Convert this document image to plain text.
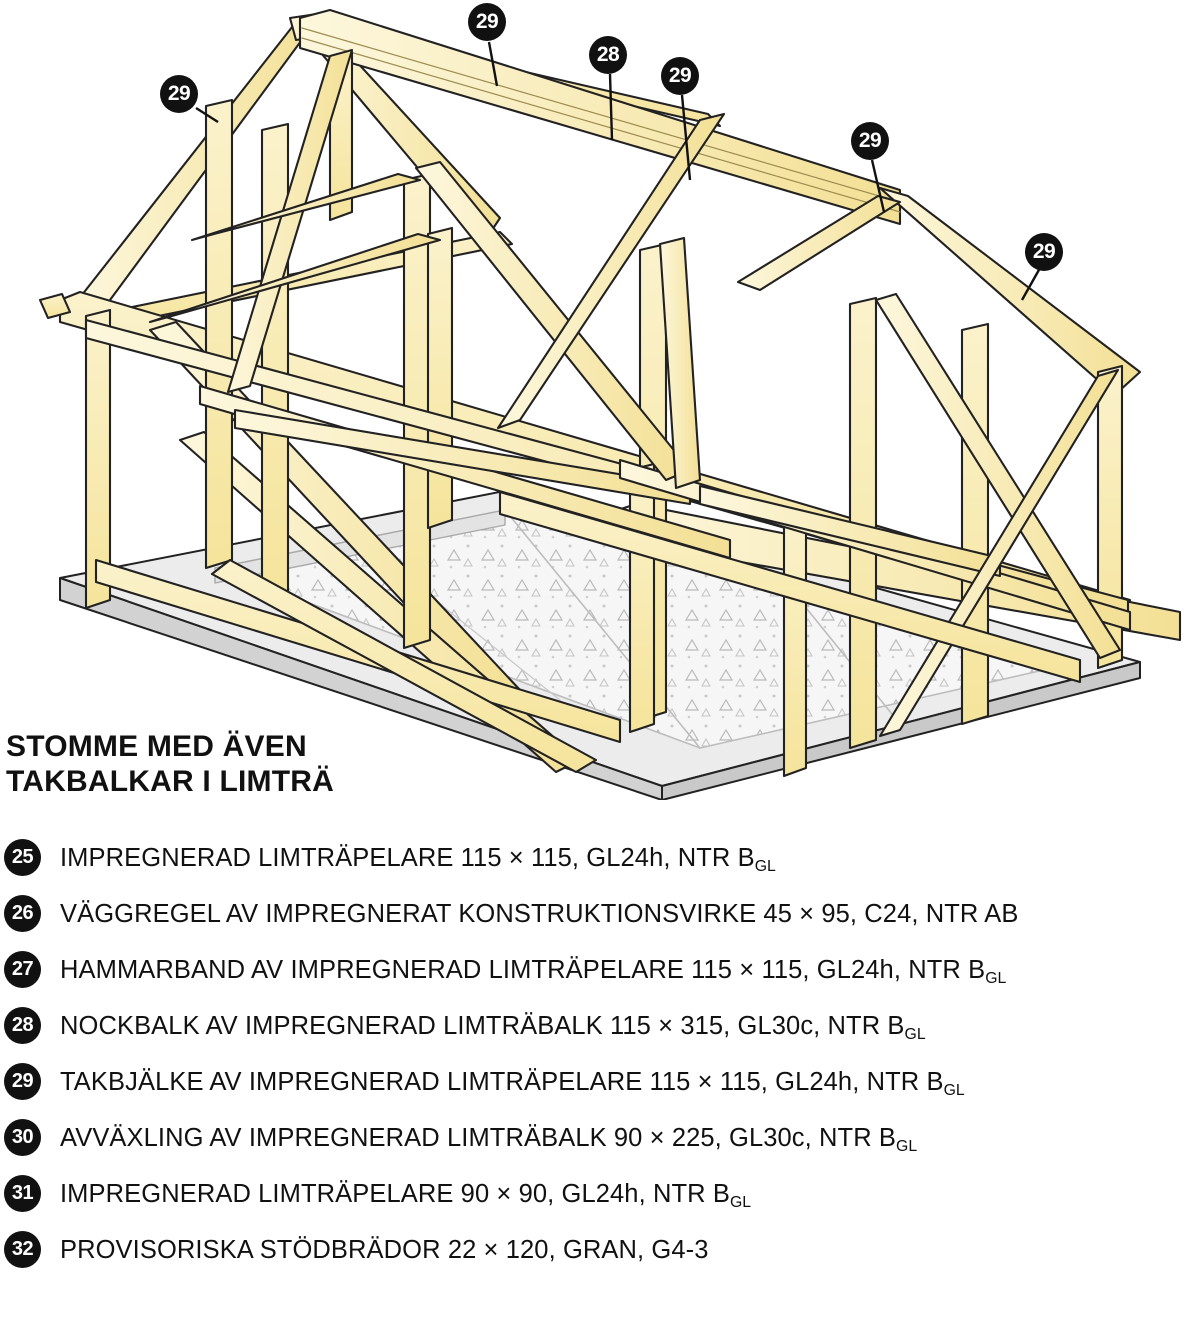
29
28
29
29
29
29
STOMME MED ÄVEN
TAKBALKAR I LIMTRÄ
25	IMPREGNERAD LIMTRÄPELARE 115 × 115, GL24h, NTR $B_{GL}$
26	VÄGGREGEL AV IMPREGNERAT KONSTRUKTIONSVIRKE 45 × 95, C24, NTR AB
27	HAMMARBAND AV IMPREGNERAD LIMTRÄPELARE 115 × 115, GL24h, NTR $B_{GL}$
28	NOCKBALK AV IMPREGNERAD LIMTRÄBALK 115 × 315, GL30c, NTR $B_{GL}$
29	TAKBJÄLKE AV IMPREGNERAD LIMTRÄPELARE 115 × 115, GL24h, NTR $B_{GL}$
30	AVVÄXLING AV IMPREGNERAD LIMTRÄBALK 90 × 225, GL30c, NTR $B_{GL}$
31	IMPREGNERAD LIMTRÄPELARE 90 × 90, GL24h, NTR $B_{GL}$
32	PROVISORISKA STÖDBRÄDOR 22 × 120, GRAN, G4-3
